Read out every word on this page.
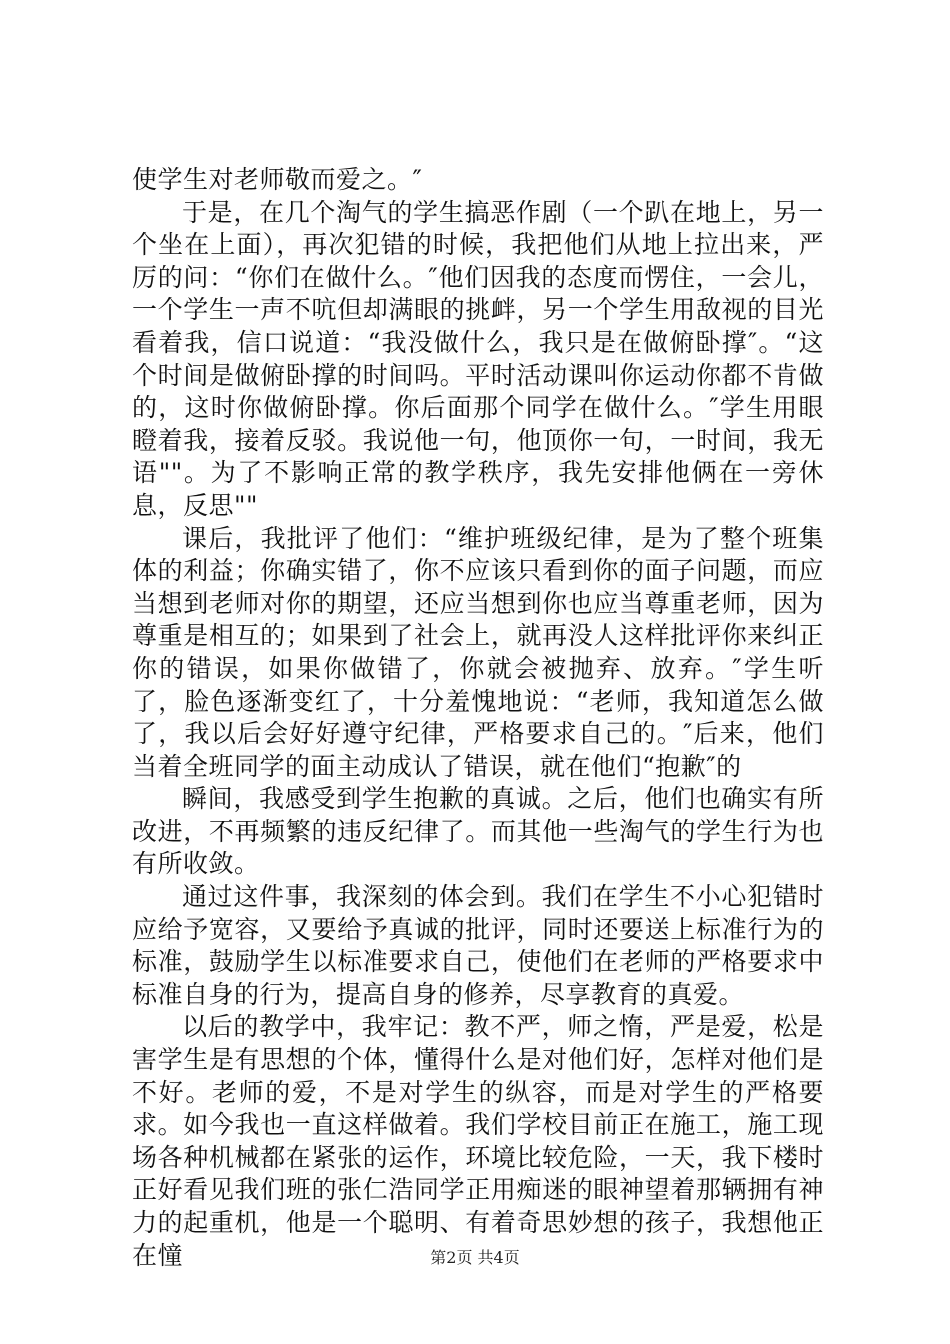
使学生对老师敬而爱之。″

于是，在几个淘气的学生搞恶作剧（一个趴在地上，另一个坐在上面），再次犯错的时候，我把他们从地上拉出来，严厉的问：“你们在做什么。″他们因我的态度而愣住，一会儿，一个学生一声不吭但却满眼的挑衅，另一个学生用敌视的目光看着我，信口说道：“我没做什么，我只是在做俯卧撑″。“这个时间是做俯卧撑的时间吗。平时活动课叫你运动你都不肯做的，这时你做俯卧撑。你后面那个同学在做什么。″学生用眼瞪着我，接着反驳。我说他一句，他顶你一句，一时间，我无语""。为了不影响正常的教学秩序，我先安排他俩在一旁休息，反思""

课后，我批评了他们：“维护班级纪律，是为了整个班集体的利益；你确实错了，你不应该只看到你的面子问题，而应当想到老师对你的期望，还应当想到你也应当尊重老师，因为尊重是相互的；如果到了社会上，就再没人这样批评你来纠正你的错误，如果你做错了，你就会被抛弃、放弃。″学生听了，脸色逐渐变红了，十分羞愧地说：“老师，我知道怎么做了，我以后会好好遵守纪律，严格要求自己的。″后来，他们当着全班同学的面主动成认了错误，就在他们“抱歉″的

瞬间，我感受到学生抱歉的真诚。之后，他们也确实有所改进，不再频繁的违反纪律了。而其他一些淘气的学生行为也有所收敛。

通过这件事，我深刻的体会到。我们在学生不小心犯错时应给予宽容，又要给予真诚的批评，同时还要送上标准行为的标准，鼓励学生以标准要求自己，使他们在老师的严格要求中标准自身的行为，提高自身的修养，尽享教育的真爱。

以后的教学中，我牢记：教不严，师之惰，严是爱，松是害学生是有思想的个体，懂得什么是对他们好，怎样对他们是不好。老师的爱，不是对学生的纵容，而是对学生的严格要求。如今我也一直这样做着。我们学校目前正在施工，施工现场各种机械都在紧张的运作，环境比较危险，一天，我下楼时正好看见我们班的张仁浩同学正用痴迷的眼神望着那辆拥有神力的起重机，他是一个聪明、有着奇思妙想的孩子，我想他正在憧	第2页 共4页
